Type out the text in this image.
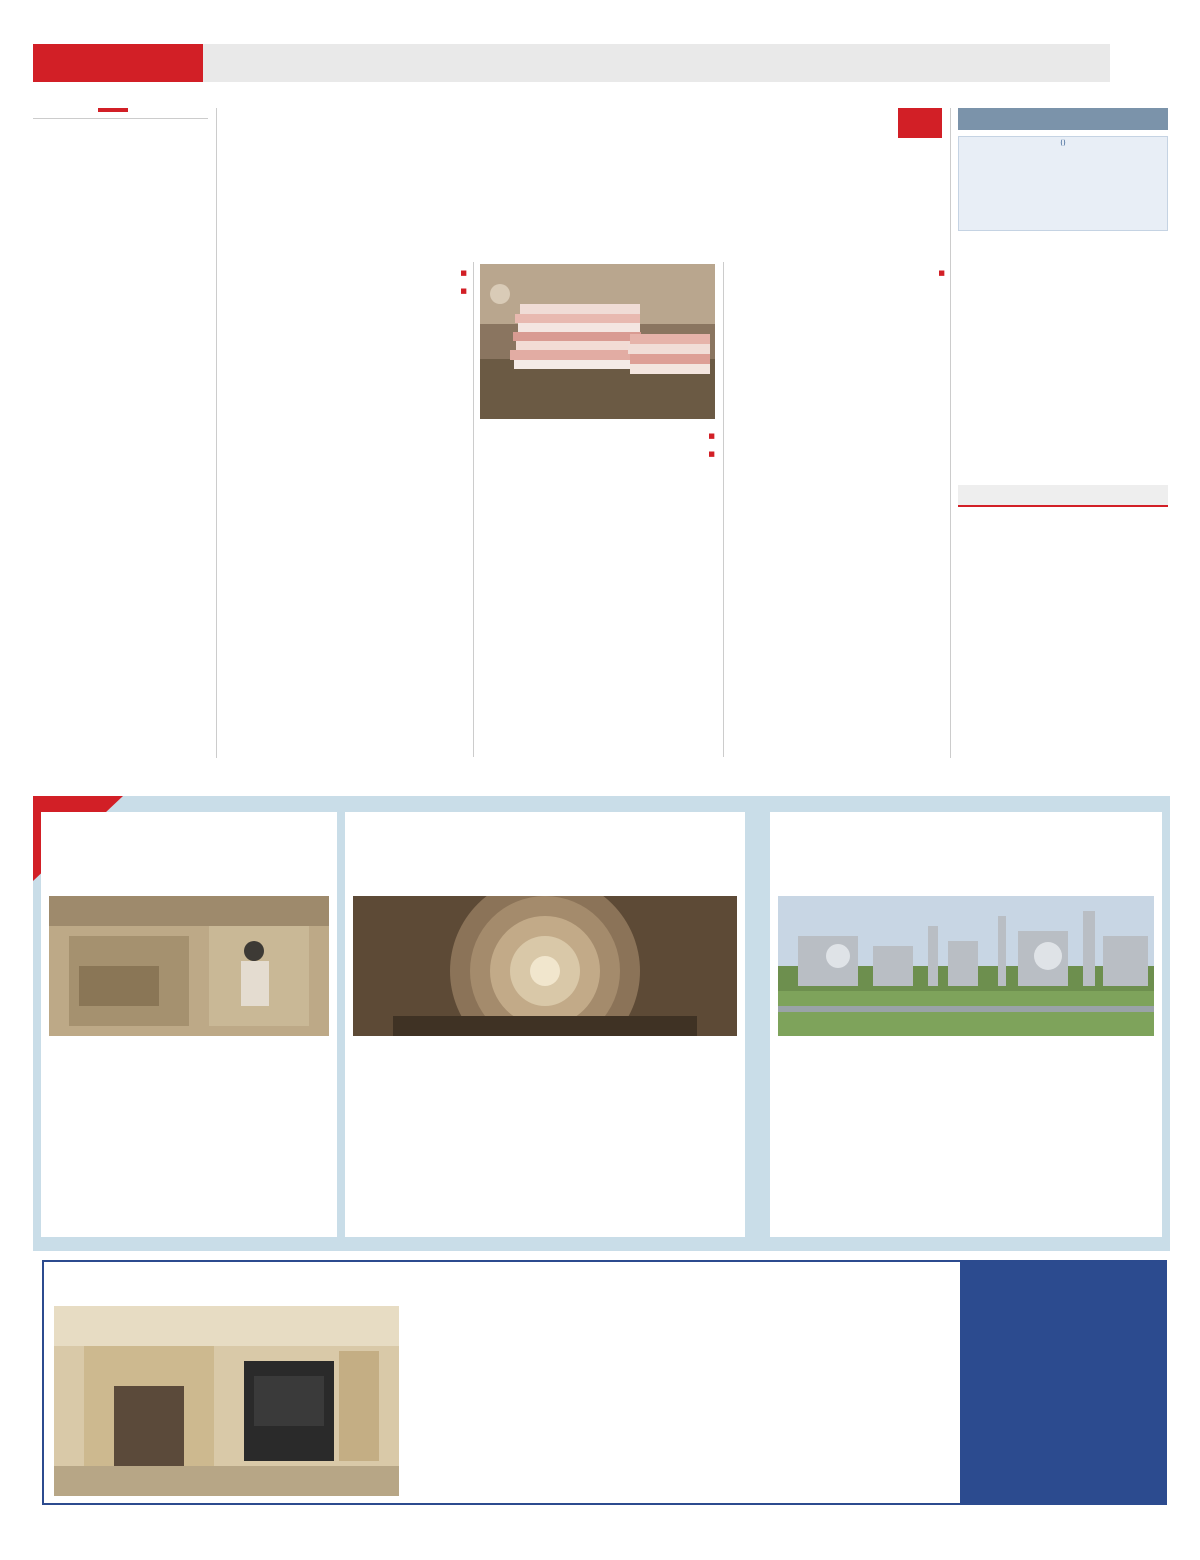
■

■

■

■

■

()
